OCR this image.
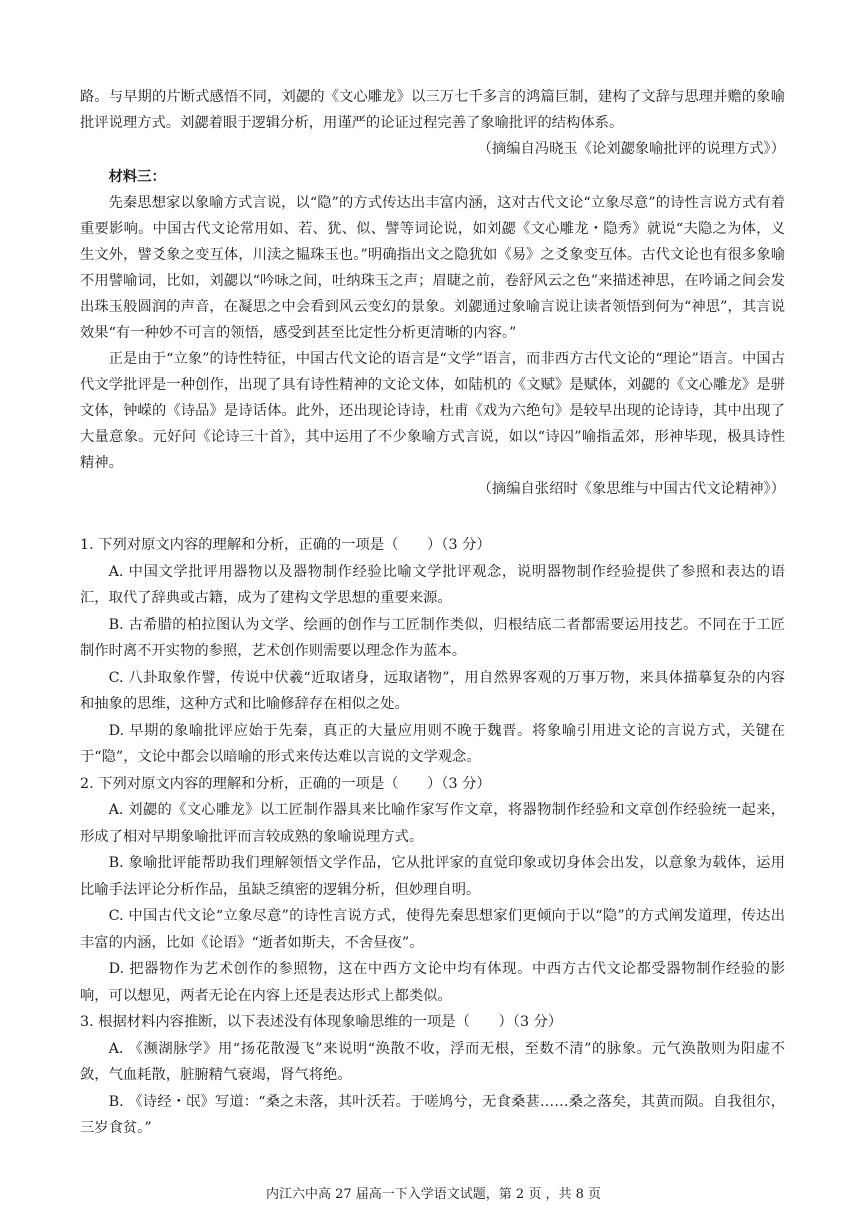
路。与早期的片断式感悟不同，刘勰的《文心雕龙》以三万七千多言的鸿篇巨制，建构了文辞与思理并赡的象喻批评说理方式。刘勰着眼于逻辑分析，用谨严的论证过程完善了象喻批评的结构体系。

（摘编自冯晓玉《论刘勰象喻批评的说理方式》）

材料三：

先秦思想家以象喻方式言说，以“隐”的方式传达出丰富内涵，这对古代文论“立象尽意”的诗性言说方式有着重要影响。中国古代文论常用如、若、犹、似、譬等词论说，如刘勰《文心雕龙・隐秀》就说“夫隐之为体，义生文外，譬爻象之变互体，川渎之韫珠玉也。”明确指出文之隐犹如《易》之爻象变互体。古代文论也有很多象喻不用譬喻词，比如，刘勰以“吟咏之间，吐纳珠玉之声；眉睫之前，卷舒风云之色”来描述神思，在吟诵之间会发出珠玉般圆润的声音，在凝思之中会看到风云变幻的景象。刘勰通过象喻言说让读者领悟到何为“神思”，其言说效果“有一种妙不可言的领悟，感受到甚至比定性分析更清晰的内容。”

正是由于“立象”的诗性特征，中国古代文论的语言是“文学”语言，而非西方古代文论的“理论”语言。中国古代文学批评是一种创作，出现了具有诗性精神的文论文体，如陆机的《文赋》是赋体，刘勰的《文心雕龙》是骈文体，钟嵘的《诗品》是诗话体。此外，还出现论诗诗，杜甫《戏为六绝句》是较早出现的论诗诗，其中出现了大量意象。元好问《论诗三十首》，其中运用了不少象喻方式言说，如以“诗囚”喻指孟郊，形神毕现，极具诗性精神。

（摘编自张绍时《象思维与中国古代文论精神》）

1. 下列对原文内容的理解和分析，正确的一项是（　　）（3 分）

A. 中国文学批评用器物以及器物制作经验比喻文学批评观念，说明器物制作经验提供了参照和表达的语汇，取代了辞典或古籍，成为了建构文学思想的重要来源。

B. 古希腊的柏拉图认为文学、绘画的创作与工匠制作类似，归根结底二者都需要运用技艺。不同在于工匠制作时离不开实物的参照，艺术创作则需要以理念作为蓝本。

C. 八卦取象作譬，传说中伏羲“近取诸身，远取诸物”，用自然界客观的万事万物，来具体描摹复杂的内容和抽象的思维，这种方式和比喻修辞存在相似之处。

D. 早期的象喻批评应始于先秦，真正的大量应用则不晚于魏晋。将象喻引用进文论的言说方式，关键在于“隐”，文论中都会以暗喻的形式来传达难以言说的文学观念。

2. 下列对原文内容的理解和分析，正确的一项是（　　）（3 分）

A. 刘勰的《文心雕龙》以工匠制作器具来比喻作家写作文章，将器物制作经验和文章创作经验统一起来，形成了相对早期象喻批评而言较成熟的象喻说理方式。

B. 象喻批评能帮助我们理解领悟文学作品，它从批评家的直觉印象或切身体会出发，以意象为载体，运用比喻手法评论分析作品，虽缺乏缜密的逻辑分析，但妙理自明。

C. 中国古代文论“立象尽意”的诗性言说方式，使得先秦思想家们更倾向于以“隐”的方式阐发道理，传达出丰富的内涵，比如《论语》“逝者如斯夫，不舍昼夜”。

D. 把器物作为艺术创作的参照物，这在中西方文论中均有体现。中西方古代文论都受器物制作经验的影响，可以想见，两者无论在内容上还是表达形式上都类似。

3. 根据材料内容推断，以下表述没有体现象喻思维的一项是（　　）（3 分）

A. 《濒湖脉学》用“扬花散漫飞”来说明“涣散不收，浮而无根，至数不清”的脉象。元气涣散则为阳虚不敛，气血耗散，脏腑精气衰竭，肾气将绝。

B. 《诗经・氓》写道：“桑之未落，其叶沃若。于嗟鸠兮，无食桑葚……桑之落矣，其黄而陨。自我徂尔，三岁食贫。”

内江六中高 27 届高一下入学语文试题，第 2 页 ，共 8 页
